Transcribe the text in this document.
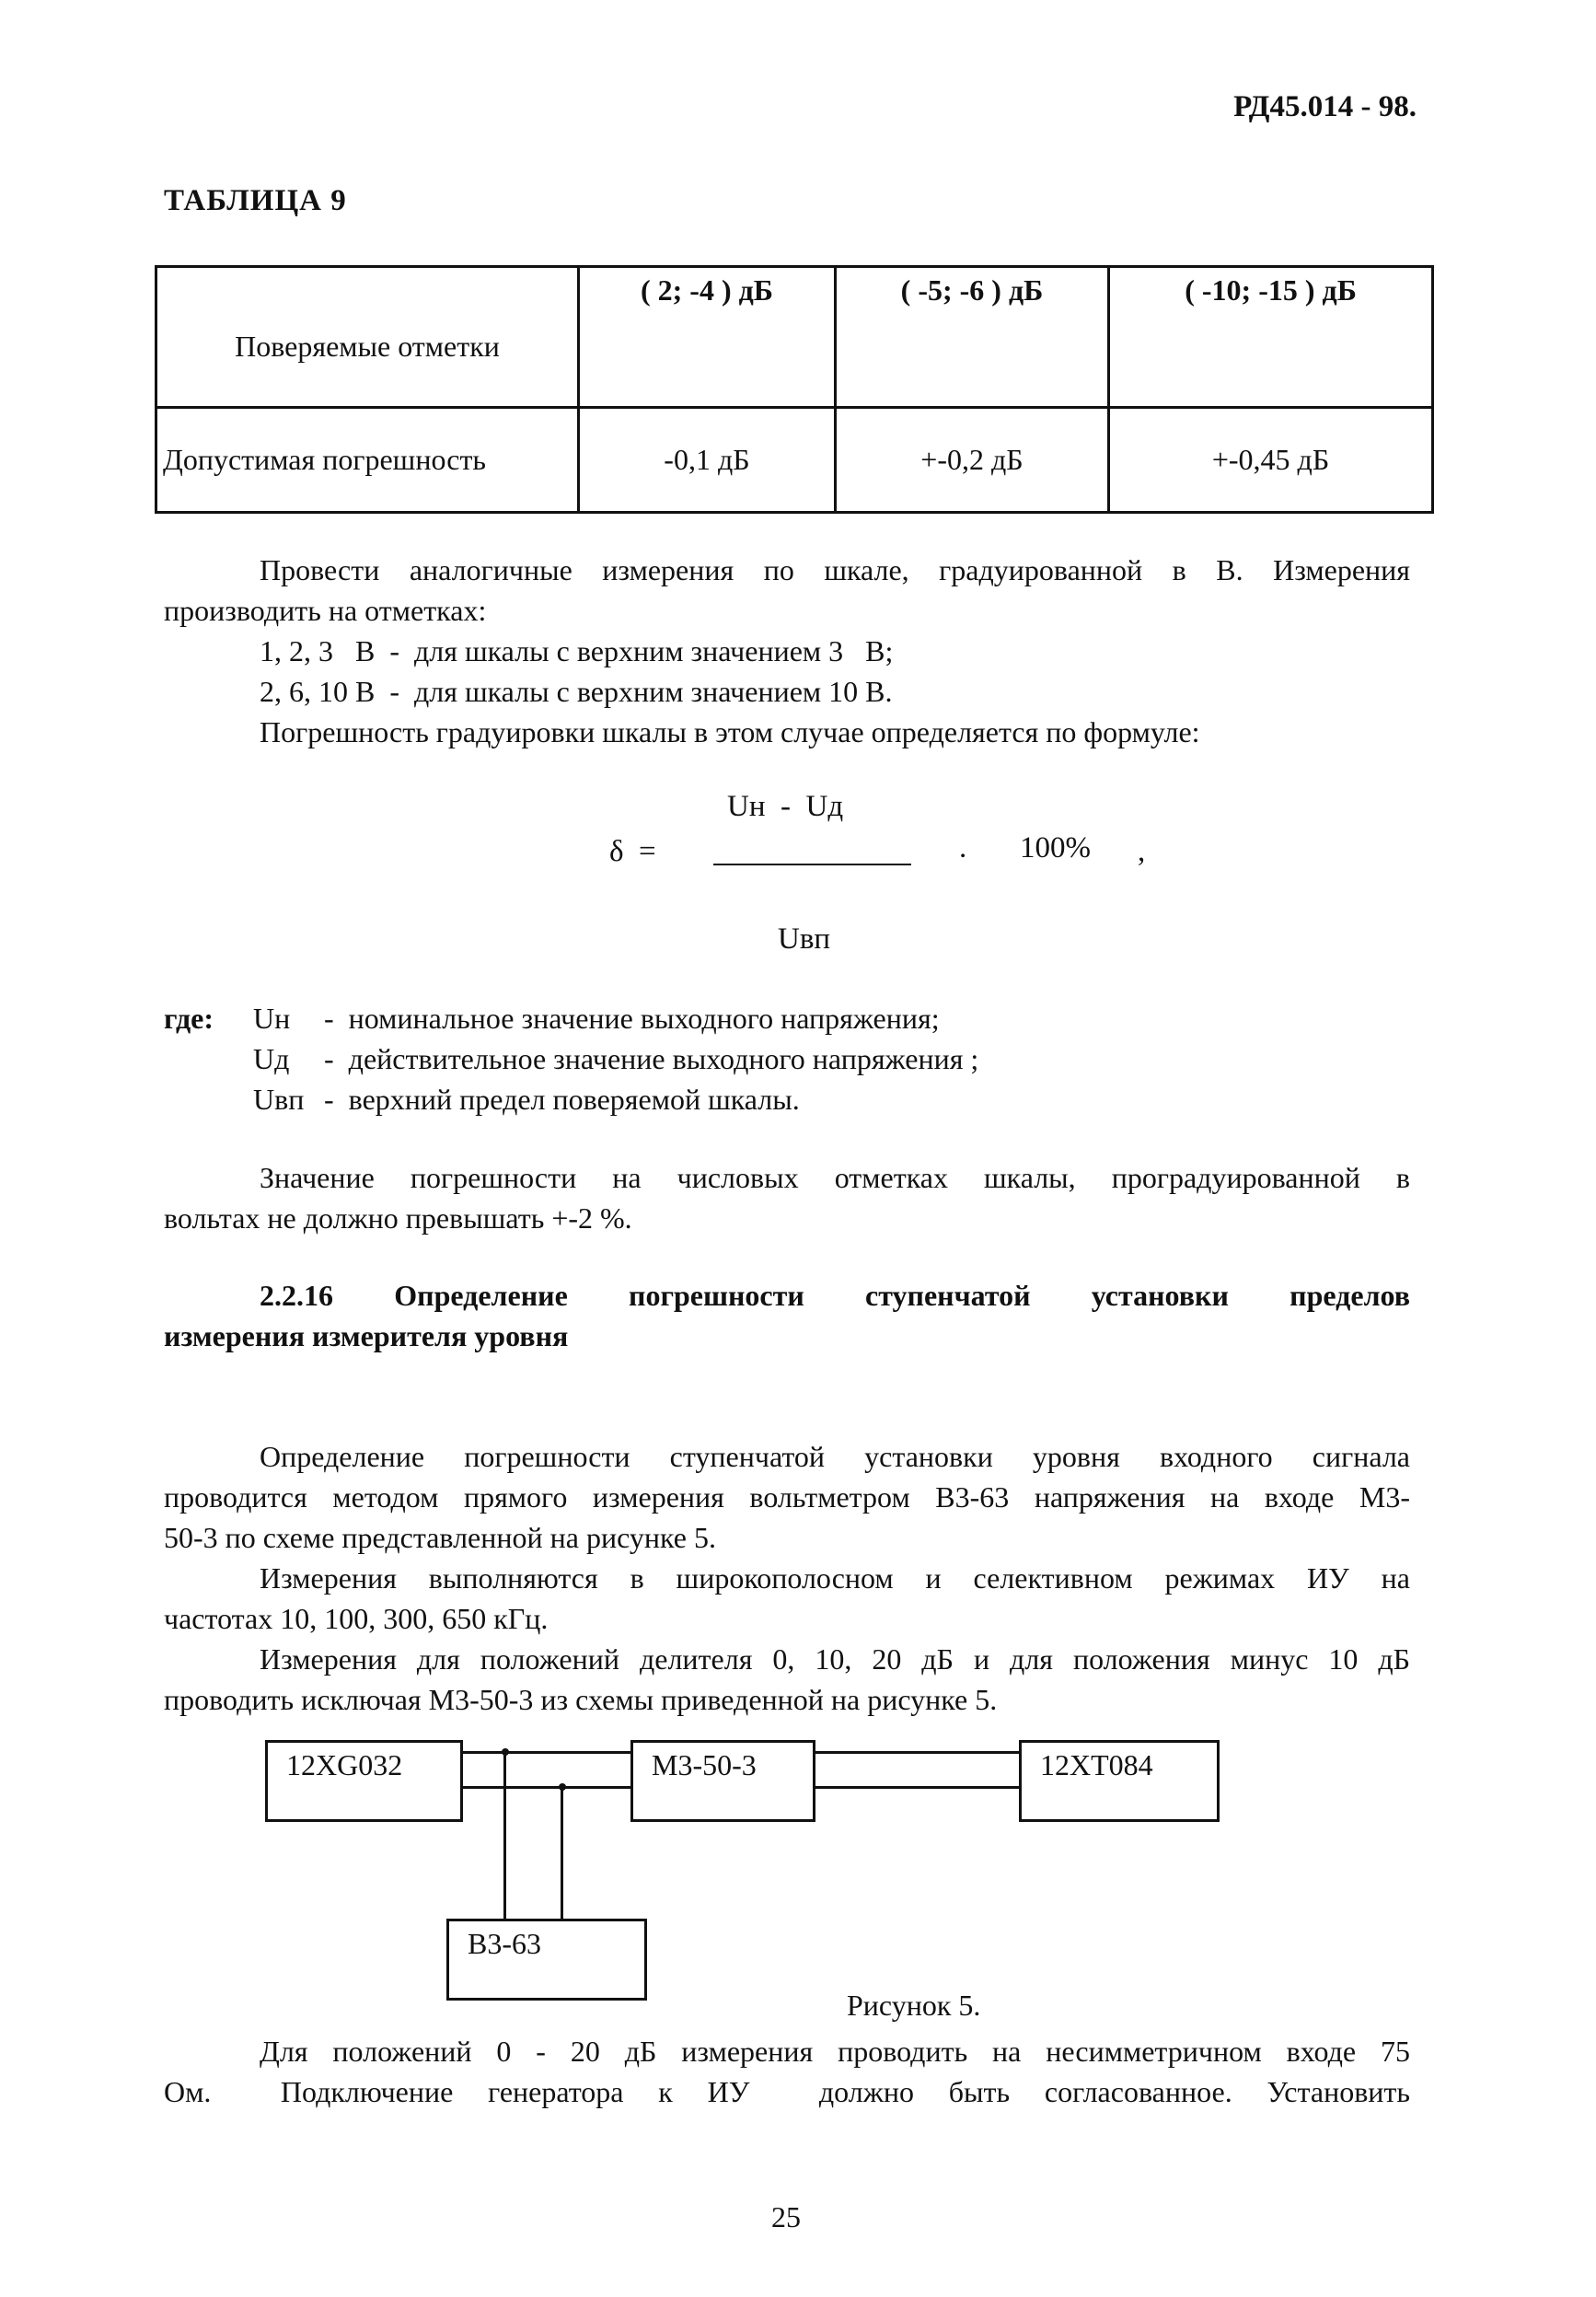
РД45.014 - 98.
ТАБЛИЦА 9
Поверяемые отметки	( 2; -4 ) дБ	( -5; -6 ) дБ	( -10; -15 ) дБ
Допустимая погрешность	-0,1 дБ	+-0,2 дБ	+-0,45 дБ
Провести аналогичные измерения по шкале, градуированной в В. Измерения
производить на отметках:
1, 2, 3   В  -  для шкалы с верхним значением 3   В;
2, 6, 10 В  -  для шкалы с верхним значением 10 В.
Погрешность градуировки шкалы в этом случае определяется по формуле:
Uн  -  Uд
δ  =	.       100% ,
Uвп
где: Uн -  номинальное значение выходного напряжения;
Uд -  действительное значение выходного напряжения ;
Uвп -  верхний предел поверяемой шкалы.
Значение погрешности на числовых отметках шкалы, проградуированной в
вольтах не должно превышать +-2 %.
2.2.16 Определение погрешности ступенчатой установки пределов
измерения измерителя уровня
Определение погрешности ступенчатой установки уровня входного сигнала
проводится методом прямого измерения вольтметром В3-63 напряжения на входе М3-
50-3 по схеме представленной на рисунке 5.
Измерения выполняются в широкополосном и селективном режимах ИУ на
частотах 10, 100, 300, 650 кГц.
Измерения для положений делителя 0, 10, 20 дБ и для положения минус 10 дБ
проводить исключая М3-50-3 из схемы приведенной на рисунке 5.
12XG032	М3-50-3	12XT084
В3-63
Рисунок 5.
Для положений 0 - 20 дБ измерения проводить на несимметричном входе 75
Ом.  Подключение генератора к ИУ  должно быть согласованное. Установить
25
